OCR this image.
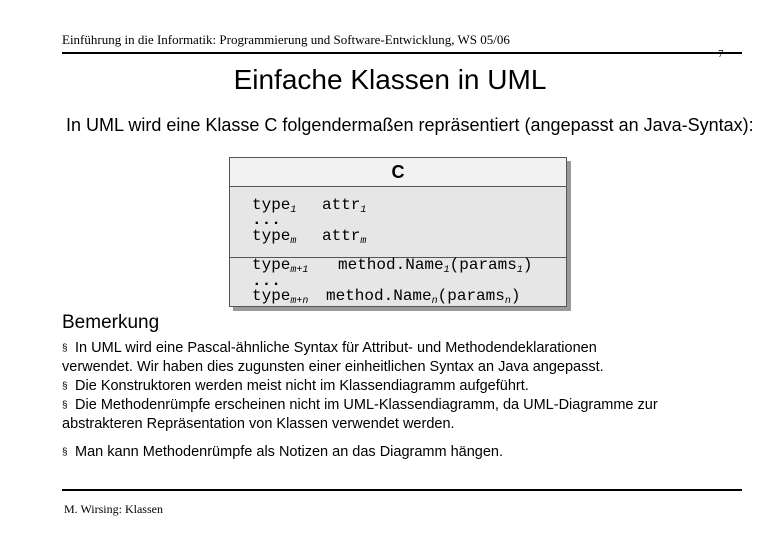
Einführung in die Informatik: Programmierung und Software-Entwicklung, WS 05/06
7
Einfache Klassen in UML
In UML wird eine Klasse C folgendermaßen repräsentiert (angepasst an Java-Syntax):
C
type$_1$ attr$_1$
...
type$_m$ attr$_m$
type$_{m+1}$ method.Name$_1$(params$_1$)
...
type$_{m+n}$ method.Name$_n$(params$_n$)
Bemerkung
§ In UML wird eine Pascal-ähnliche Syntax für Attribut- und Methodendeklarationen
verwendet. Wir haben dies zugunsten einer einheitlichen Syntax an Java angepasst.
§ Die Konstruktoren werden meist nicht im Klassendiagramm aufgeführt.
§ Die Methodenrümpfe erscheinen nicht im UML-Klassendiagramm, da UML-Diagramme zur
abstrakteren Repräsentation von Klassen verwendet werden.
§ Man kann Methodenrümpfe als Notizen an das Diagramm hängen.
M. Wirsing: Klassen
